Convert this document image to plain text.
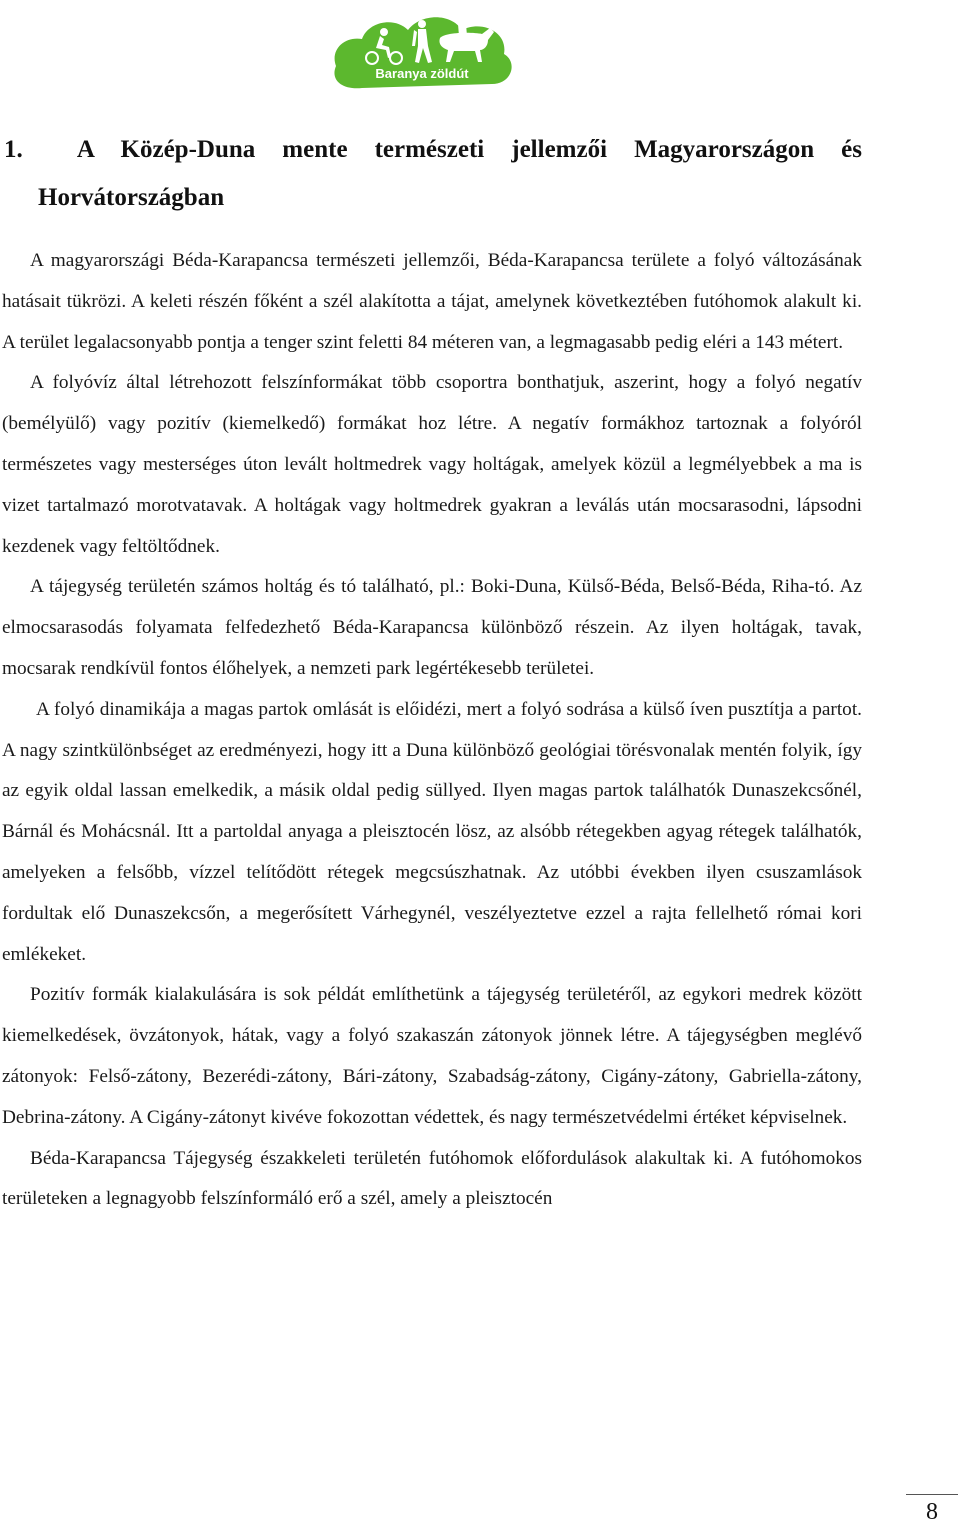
Baranya zöldút
1. A Közép-Duna mente természeti jellemzői Magyarországon és
Horvátországban

A magyarországi Béda-Karapancsa természeti jellemzői, Béda-Karapancsa területe a folyó változásának hatásait tükrözi. A keleti részén főként a szél alakította a tájat, amelynek következtében futóhomok alakult ki. A terület legalacsonyabb pontja a tenger szint feletti 84 méteren van, a legmagasabb pedig eléri a 143 métert.

A folyóvíz által létrehozott felszínformákat több csoportra bonthatjuk, aszerint, hogy a folyó negatív (bemélyülő) vagy pozitív (kiemelkedő) formákat hoz létre. A negatív formákhoz tartoznak a folyóról természetes vagy mesterséges úton levált holtmedrek vagy holtágak, amelyek közül a legmélyebbek a ma is vizet tartalmazó morotvatavak. A holtágak vagy holtmedrek gyakran a leválás után mocsarasodni, lápsodni kezdenek vagy feltöltődnek.

A tájegység területén számos holtág és tó található, pl.: Boki-Duna, Külső-Béda, Belső-Béda, Riha-tó. Az elmocsarasodás folyamata felfedezhető Béda-Karapancsa különböző részein. Az ilyen holtágak, tavak, mocsarak rendkívül fontos élőhelyek, a nemzeti park legértékesebb területei.

A folyó dinamikája a magas partok omlását is előidézi, mert a folyó sodrása a külső íven pusztítja a partot. A nagy szintkülönbséget az eredményezi, hogy itt a Duna különböző geológiai törésvonalak mentén folyik, így az egyik oldal lassan emelkedik, a másik oldal pedig süllyed. Ilyen magas partok találhatók Dunaszekcsőnél, Bárnál és Mohácsnál. Itt a partoldal anyaga a pleisztocén lösz, az alsóbb rétegekben agyag rétegek találhatók, amelyeken a felsőbb, vízzel telítődött rétegek megcsúszhatnak. Az utóbbi években ilyen csuszamlások fordultak elő Dunaszekcsőn, a megerősített Várhegynél, veszélyeztetve ezzel a rajta fellelhető római kori emlékeket.

Pozitív formák kialakulására is sok példát említhetünk a tájegység területéről, az egykori medrek között kiemelkedések, övzátonyok, hátak, vagy a folyó szakaszán zátonyok jönnek létre. A tájegységben meglévő zátonyok: Felső-zátony, Bezerédi-zátony, Bári-zátony, Szabadság-zátony, Cigány-zátony, Gabriella-zátony, Debrina-zátony. A Cigány-zátonyt kivéve fokozottan védettek, és nagy természetvédelmi értéket képviselnek.

Béda-Karapancsa Tájegység északkeleti területén futóhomok előfordulások alakultak ki. A futóhomokos területeken a legnagyobb felszínformáló erő a szél, amely a pleisztocén

8
